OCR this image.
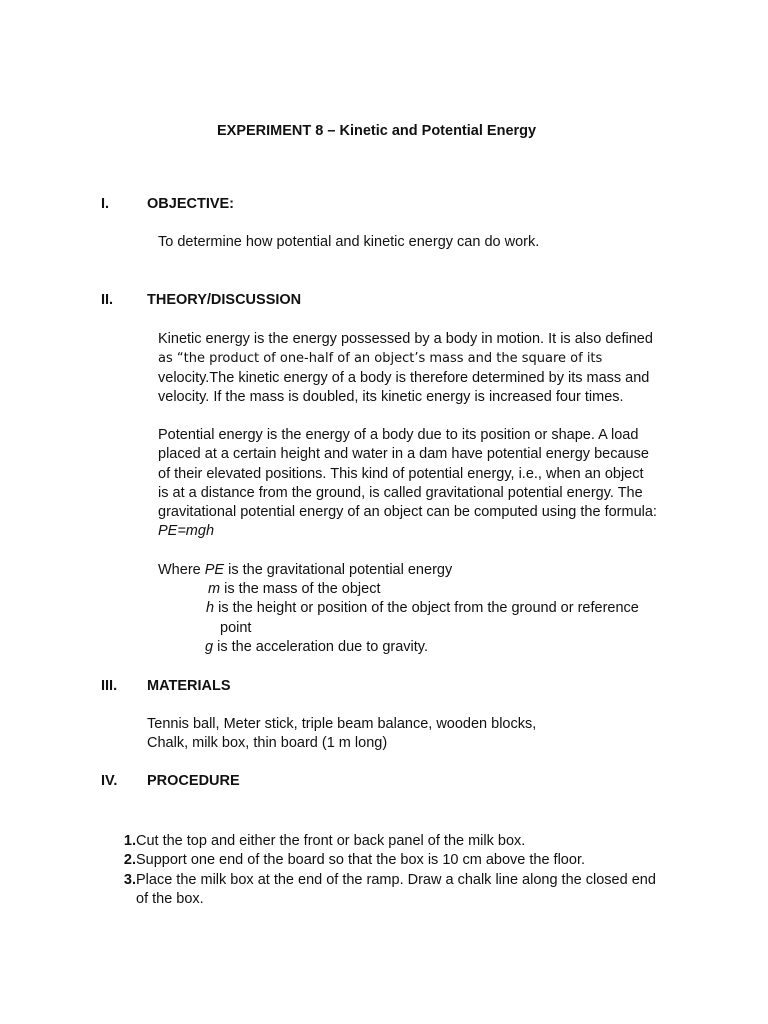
EXPERIMENT 8 – Kinetic and Potential Energy
I.	OBJECTIVE:
To determine how potential and kinetic energy can do work.
II. THEORY/DISCUSSION
Kinetic energy is the energy possessed by a body in motion. It is also defined
as “the product of one-half of an object’s mass and the square of its
velocity.The kinetic energy of a body is therefore determined by its mass and
velocity. If the mass is doubled, its kinetic energy is increased four times.
Potential energy is the energy of a body due to its position or shape. A load
placed at a certain height and water in a dam have potential energy because
of their elevated positions. This kind of potential energy, i.e., when an object
is at a distance from the ground, is called gravitational potential energy. The
gravitational potential energy of an object can be computed using the formula:
PE=mgh
Where PE is the gravitational potential energy
m is the mass of the object
h is the height or position of the object from the ground or reference
point
g is the acceleration due to gravity.
III. MATERIALS
Tennis ball, Meter stick, triple beam balance, wooden blocks,
Chalk, milk box, thin board (1 m long)
IV. PROCEDURE
1. Cut the top and either the front or back panel of the milk box.
2. Support one end of the board so that the box is 10 cm above the floor.
3. Place the milk box at the end of the ramp. Draw a chalk line along the closed end
of the box.
